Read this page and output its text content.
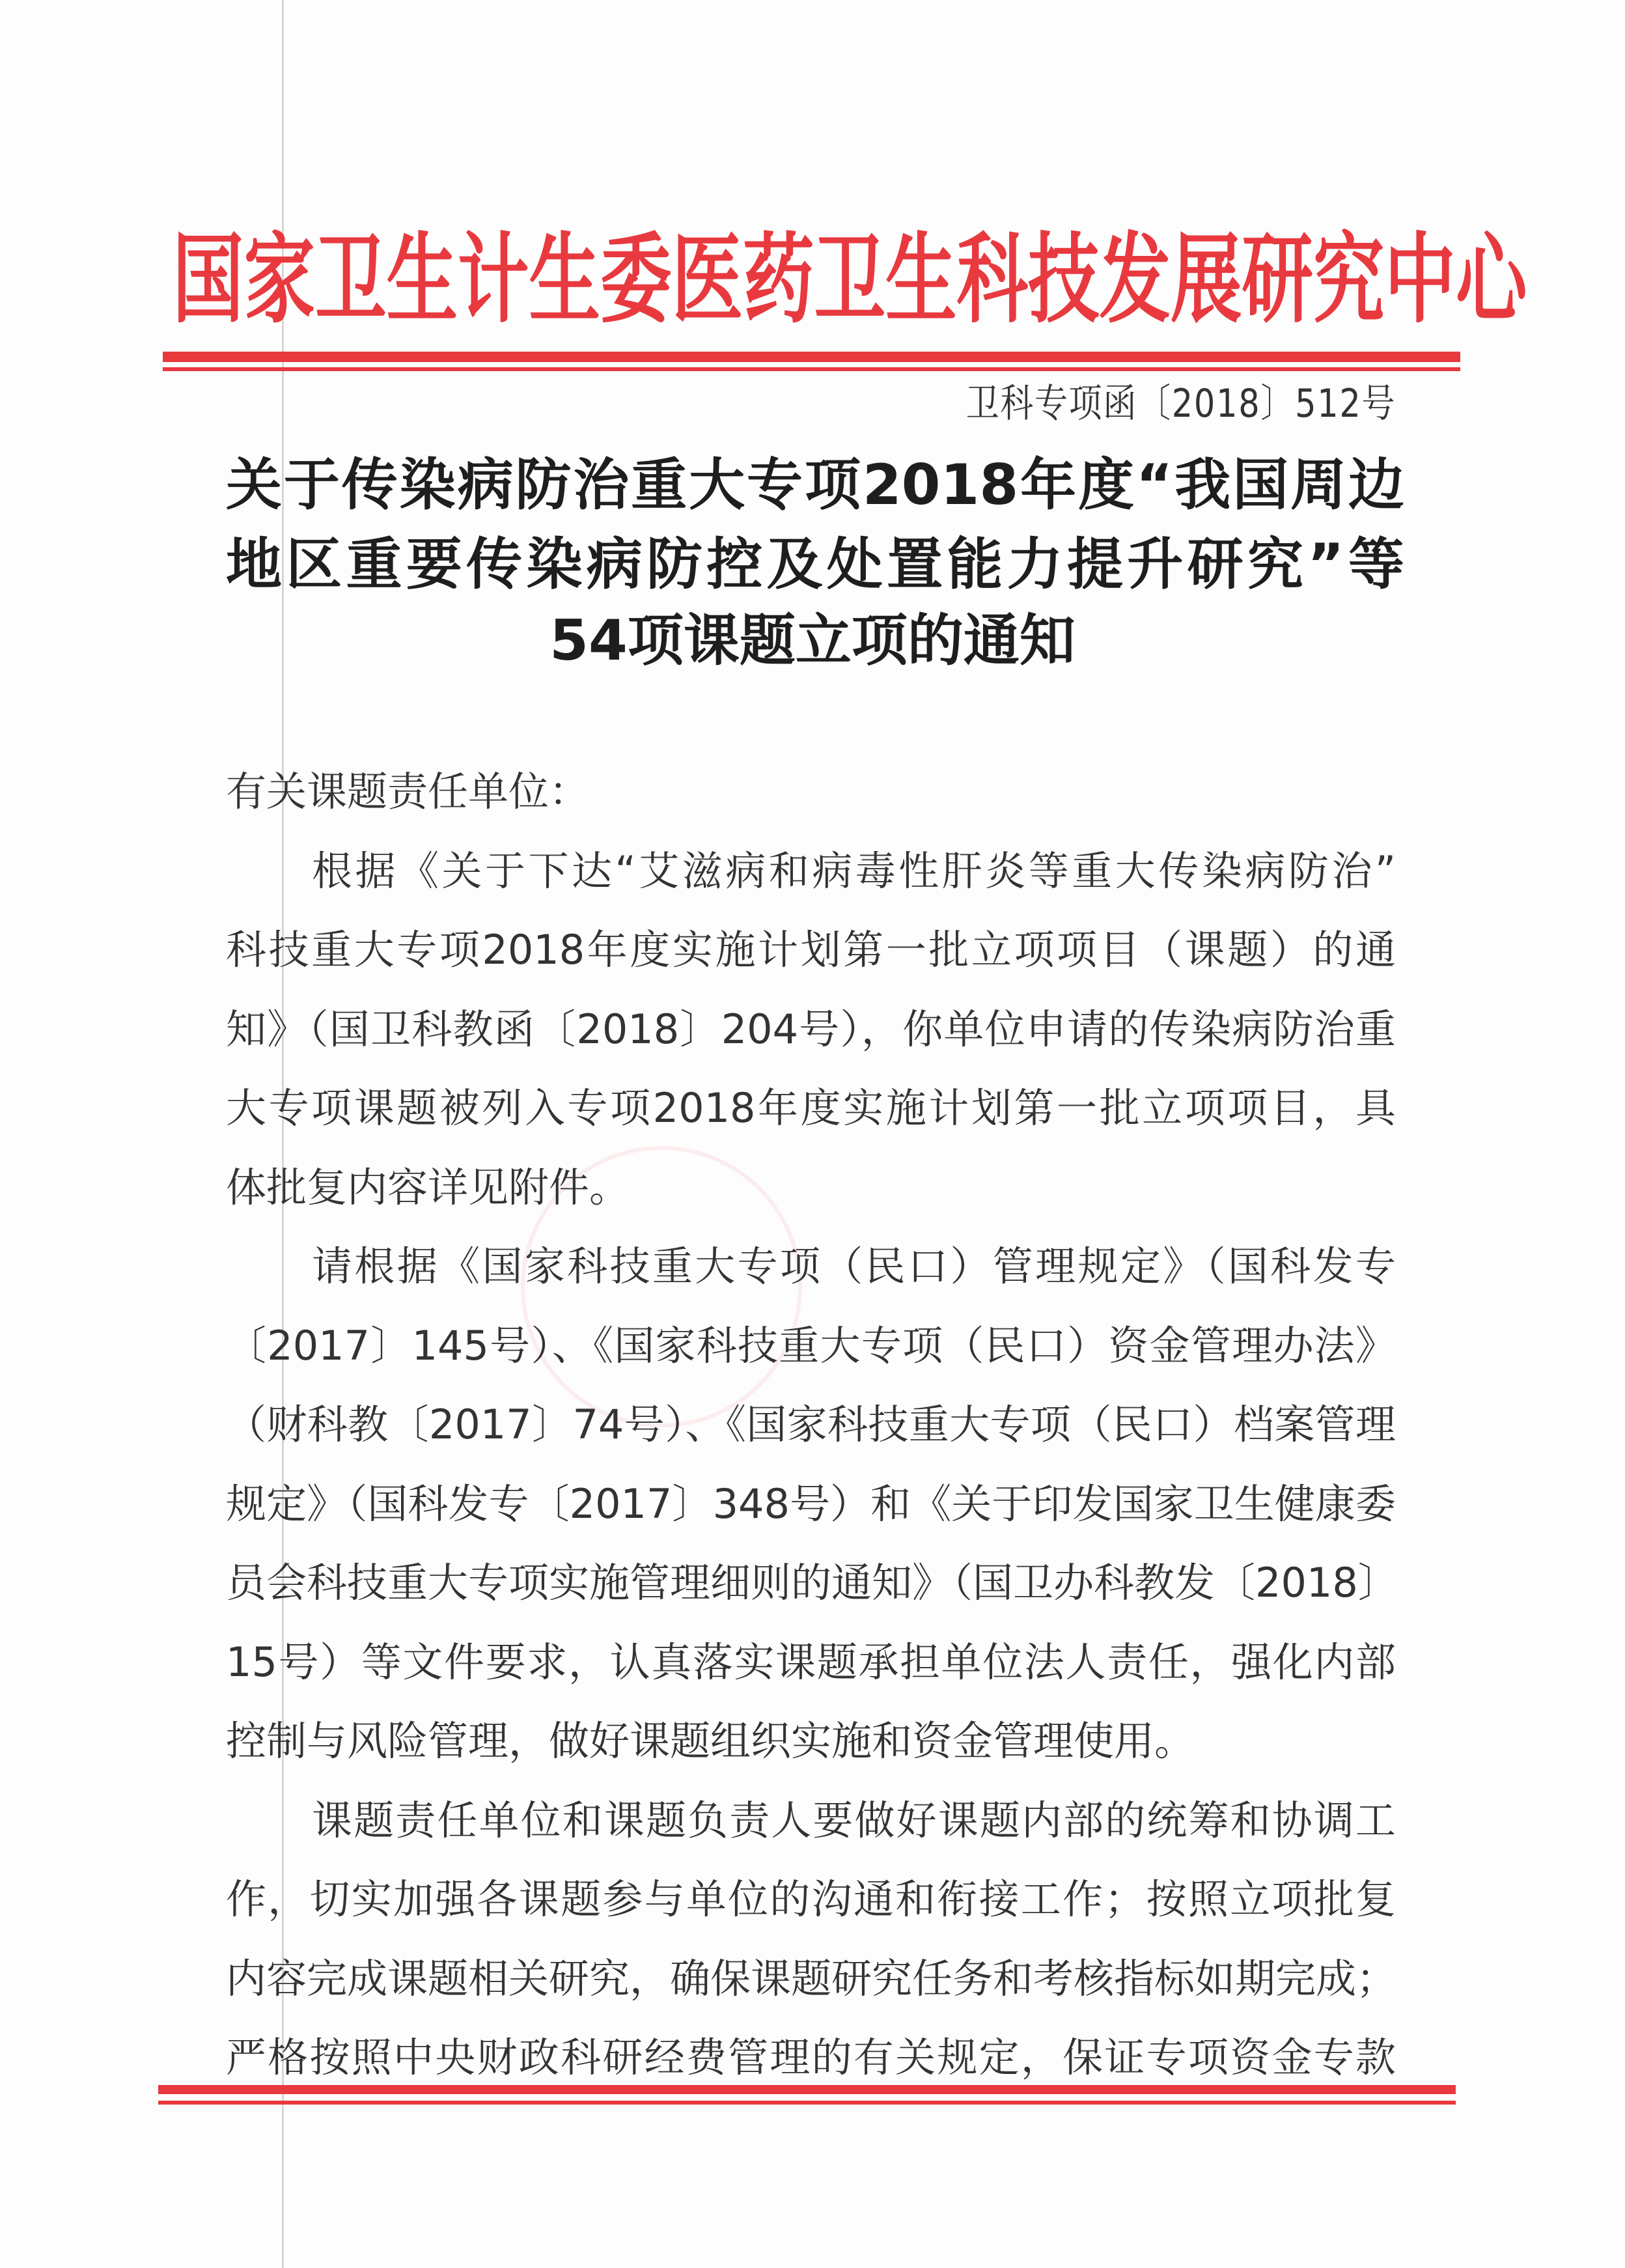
国家卫生计生委医药卫生科技发展研究中心
卫科专项函〔2018〕512号
关于传染病防治重大专项2018年度“我国周边
地区重要传染病防控及处置能力提升研究”等
54项课题立项的通知
有关课题责任单位：
根据《关于下达“艾滋病和病毒性肝炎等重大传染病防治”
科技重大专项2018年度实施计划第一批立项项目（课题）的通
知》（国卫科教函〔2018〕204号），你单位申请的传染病防治重
大专项课题被列入专项2018年度实施计划第一批立项项目，具
体批复内容详见附件。
请根据《国家科技重大专项（民口）管理规定》（国科发专
〔2017〕145号）、《国家科技重大专项（民口）资金管理办法》
（财科教〔2017〕74号）、《国家科技重大专项（民口）档案管理
规定》（国科发专〔2017〕348号）和《关于印发国家卫生健康委
员会科技重大专项实施管理细则的通知》（国卫办科教发〔2018〕
15号）等文件要求，认真落实课题承担单位法人责任，强化内部
控制与风险管理，做好课题组织实施和资金管理使用。
课题责任单位和课题负责人要做好课题内部的统筹和协调工
作，切实加强各课题参与单位的沟通和衔接工作；按照立项批复
内容完成课题相关研究，确保课题研究任务和考核指标如期完成；
严格按照中央财政科研经费管理的有关规定，保证专项资金专款
